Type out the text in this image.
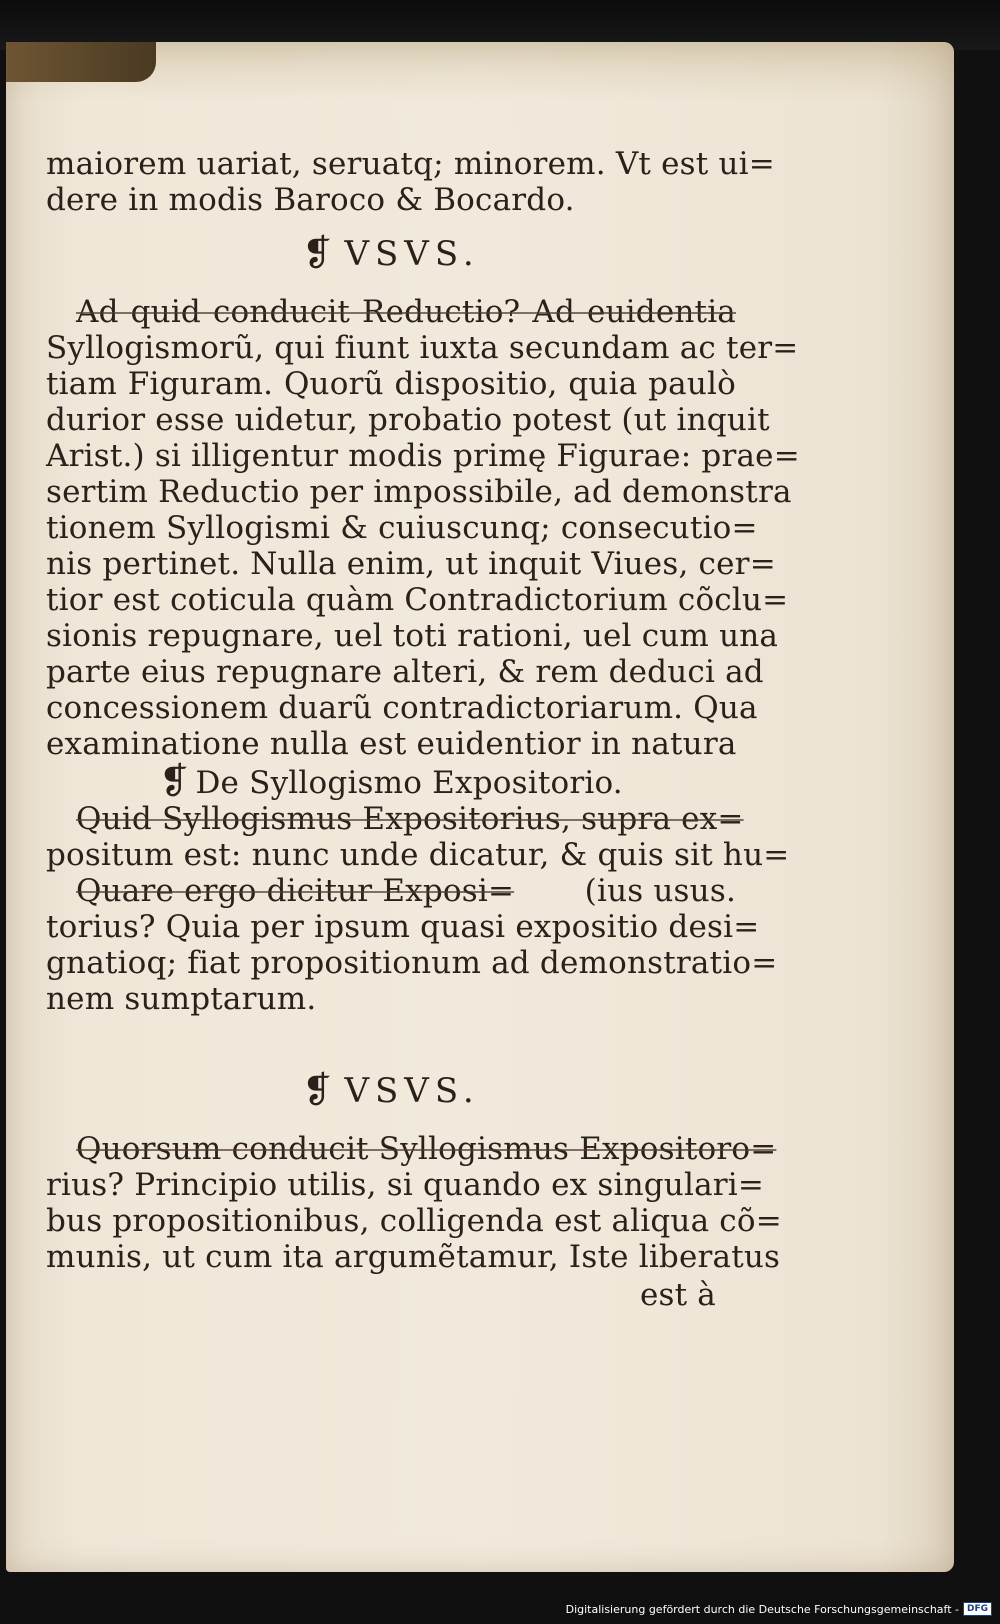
maiorem uariat, seruatq; minorem. Vt est ui=
dere in modis Baroco & Bocardo.
❡ VSVS.
Ad quid conducit Reductio? Ad euidentia
Syllogismorũ, qui fiunt iuxta secundam ac ter=
tiam Figuram. Quorũ dispositio, quia paulò
durior esse uidetur, probatio potest (ut inquit
Arist.) si illigentur modis primę Figurae: prae=
sertim Reductio per impossibile, ad demonstra
tionem Syllogismi & cuiuscunq; consecutio=
nis pertinet. Nulla enim, ut inquit Viues, cer=
tior est coticula quàm Contradictorium cõclu=
sionis repugnare, uel toti rationi, uel cum una
parte eius repugnare alteri, & rem deduci ad
concessionem duarũ contradictoriarum. Qua
examinatione nulla est euidentior in natura
❡ De Syllogismo Expositorio.
Quid Syllogismus Expositorius, supra ex=
positum est: nunc unde dicatur, & quis sit hu=
Quare ergo dicitur Exposi= (ius usus.
torius? Quia per ipsum quasi expositio desi=
gnatioq; fiat propositionum ad demonstratio=
nem sumptarum.
❡ VSVS.
Quorsum conducit Syllogismus Expositoro=
rius? Principio utilis, si quando ex singulari=
bus propositionibus, colligenda est aliqua cõ=
munis, ut cum ita argumẽtamur, Iste liberatus
est à
Digitalisierung gefördert durch die Deutsche Forschungsgemeinschaft - DFG
